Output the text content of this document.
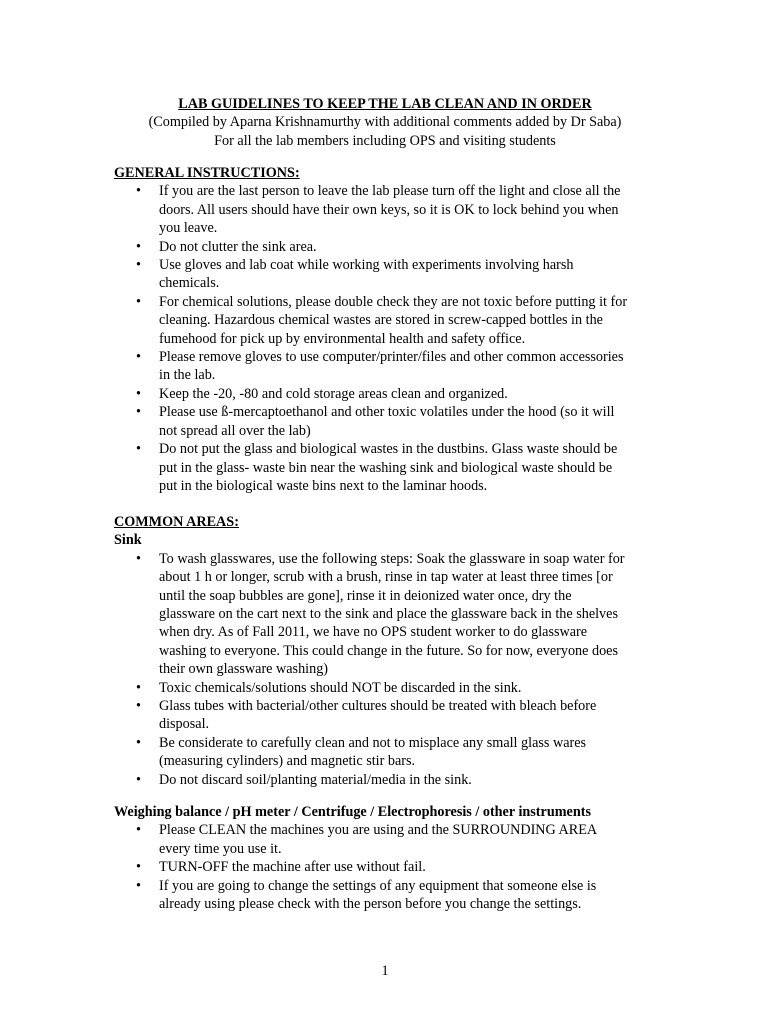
LAB GUIDELINES TO KEEP THE LAB CLEAN AND IN ORDER
(Compiled by Aparna Krishnamurthy with additional comments added by Dr Saba)
For all the lab members including OPS and visiting students
GENERAL INSTRUCTIONS:
• If you are the last person to leave the lab please turn off the light and close all the
doors. All users should have their own keys, so it is OK to lock behind you when
you leave.
• Do not clutter the sink area.
• Use gloves and lab coat while working with experiments involving harsh
chemicals.
• For chemical solutions, please double check they are not toxic before putting it for
cleaning. Hazardous chemical wastes are stored in screw-capped bottles in the
fumehood for pick up by environmental health and safety office.
• Please remove gloves to use computer/printer/files and other common accessories
in the lab.
• Keep the -20, -80 and cold storage areas clean and organized.
• Please use ß-mercaptoethanol and other toxic volatiles under the hood (so it will
not spread all over the lab)
• Do not put the glass and biological wastes in the dustbins. Glass waste should be
put in the glass- waste bin near the washing sink and biological waste should be
put in the biological waste bins next to the laminar hoods.
COMMON AREAS:
Sink
• To wash glasswares, use the following steps: Soak the glassware in soap water for
about 1 h or longer, scrub with a brush, rinse in tap water at least three times [or
until the soap bubbles are gone], rinse it in deionized water once, dry the
glassware on the cart next to the sink and place the glassware back in the shelves
when dry. As of Fall 2011, we have no OPS student worker to do glassware
washing to everyone. This could change in the future. So for now, everyone does
their own glassware washing)
• Toxic chemicals/solutions should NOT be discarded in the sink.
• Glass tubes with bacterial/other cultures should be treated with bleach before
disposal.
• Be considerate to carefully clean and not to misplace any small glass wares
(measuring cylinders) and magnetic stir bars.
• Do not discard soil/planting material/media in the sink.
Weighing balance / pH meter / Centrifuge / Electrophoresis / other instruments
• Please CLEAN the machines you are using and the SURROUNDING AREA
every time you use it.
• TURN-OFF the machine after use without fail.
• If you are going to change the settings of any equipment that someone else is
already using please check with the person before you change the settings.
1
